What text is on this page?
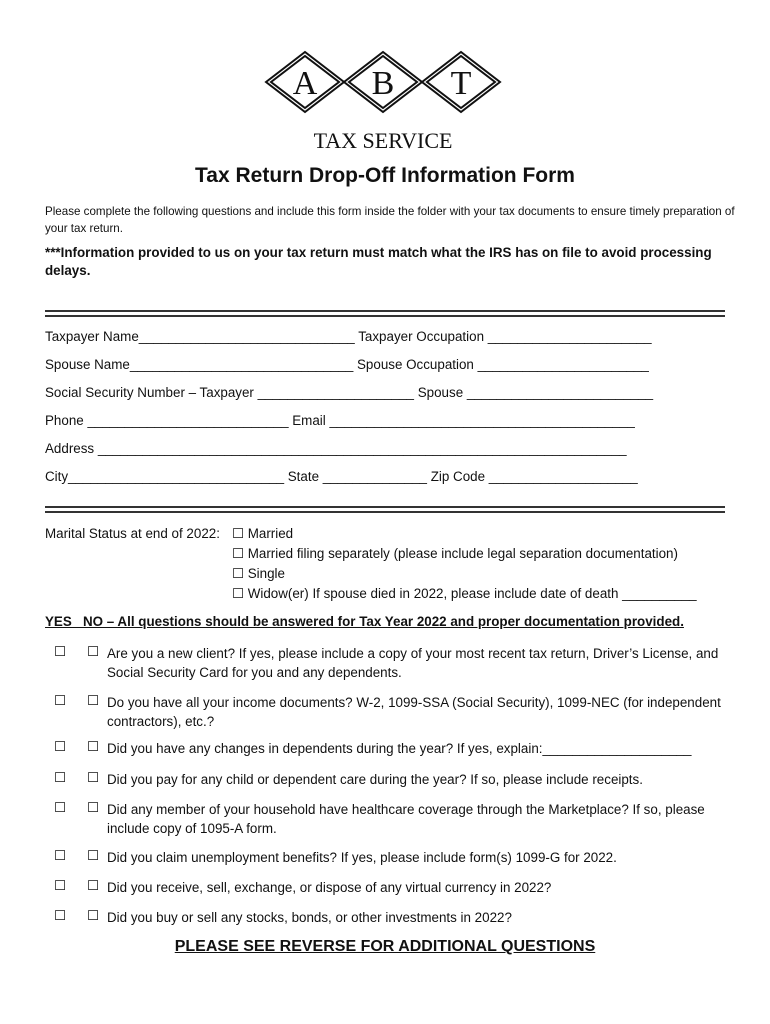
A B T
TAX SERVICE
Tax Return Drop-Off Information Form
Please complete the following questions and include this form inside the folder with your tax documents to ensure timely preparation of your tax return.
***Information provided to us on your tax return must match what the IRS has on file to avoid processing delays.
Taxpayer Name_____________________________ Taxpayer Occupation ______________________
Spouse Name______________________________ Spouse Occupation _______________________
Social Security Number – Taxpayer _____________________ Spouse _________________________
Phone ___________________________ Email _________________________________________
Address _______________________________________________________________________
City_____________________________ State ______________ Zip Code ____________________
Marital Status at end of 2022: ☐ Married
☐ Married filing separately (please include legal separation documentation)
☐ Single
☐ Widow(er) If spouse died in 2022, please include date of death __________
YES   NO – All questions should be answered for Tax Year 2022 and proper documentation provided.
☐ ☐ Are you a new client? If yes, please include a copy of your most recent tax return, Driver’s License, and Social Security Card for you and any dependents.
☐ ☐ Do you have all your income documents? W-2, 1099-SSA (Social Security), 1099-NEC (for independent contractors), etc.?
☐ ☐ Did you have any changes in dependents during the year? If yes, explain:____________________
☐ ☐ Did you pay for any child or dependent care during the year? If so, please include receipts.
☐ ☐ Did any member of your household have healthcare coverage through the Marketplace? If so, please include copy of 1095-A form.
☐ ☐ Did you claim unemployment benefits? If yes, please include form(s) 1099-G for 2022.
☐ ☐ Did you receive, sell, exchange, or dispose of any virtual currency in 2022?
☐ ☐ Did you buy or sell any stocks, bonds, or other investments in 2022?
PLEASE SEE REVERSE FOR ADDITIONAL QUESTIONS
